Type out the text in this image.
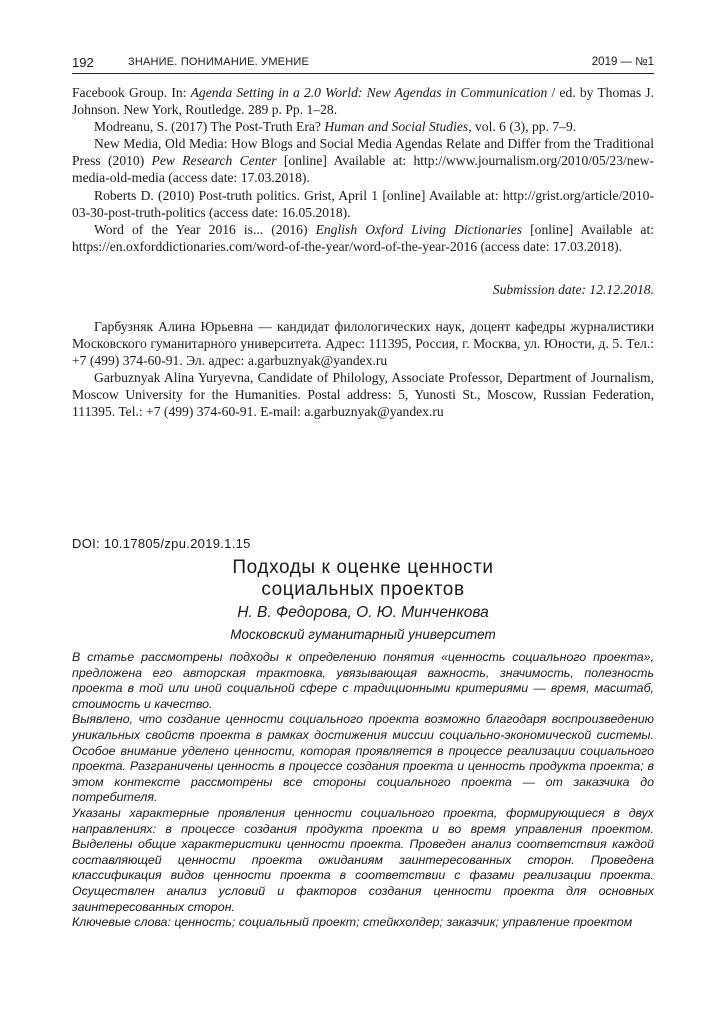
192	ЗНАНИЕ. ПОНИМАНИЕ. УМЕНИЕ	2019 — №1

Facebook Group. In: Agenda Setting in a 2.0 World: New Agendas in Communication / ed. by Thomas J. Johnson. New York, Routledge. 289 p. Pp. 1–28.

Modreanu, S. (2017) The Post-Truth Era? Human and Social Studies, vol. 6 (3), pp. 7–9.

New Media, Old Media: How Blogs and Social Media Agendas Relate and Differ from the Traditional Press (2010) Pew Research Center [online] Available at: http://www.journalism.org/2010/05/23/new-media-old-media (access date: 17.03.2018).

Roberts D. (2010) Post-truth politics. Grist, April 1 [online] Available at: http://grist.org/article/2010-03-30-post-truth-politics (access date: 16.05.2018).

Word of the Year 2016 is... (2016) English Oxford Living Dictionaries [online] Available at: https://en.oxforddictionaries.com/word-of-the-year/word-of-the-year-2016 (access date: 17.03.2018).

Submission date: 12.12.2018.

Гарбузняк Алина Юрьевна — кандидат филологических наук, доцент кафедры журналистики Московского гуманитарного университета. Адрес: 111395, Россия, г. Москва, ул. Юности, д. 5. Тел.: +7 (499) 374-60-91. Эл. адрес: a.garbuznyak@yandex.ru

Garbuznyak Alina Yuryevna, Candidate of Philology, Associate Professor, Department of Journalism, Moscow University for the Humanities. Postal address: 5, Yunosti St., Moscow, Russian Federation, 111395. Tel.: +7 (499) 374-60-91. E-mail: a.garbuznyak@yandex.ru

DOI: 10.17805/zpu.2019.1.15
Подходы к оценке ценности
социальных проектов
Н. В. Федорова, О. Ю. Минченкова
Московский гуманитарный университет

В статье рассмотрены подходы к определению понятия «ценность социального проекта», предложена его авторская трактовка, увязывающая важность, значимость, полезность проекта в той или иной социальной сфере с традиционными критериями — время, масштаб, стоимость и качество.

Выявлено, что создание ценности социального проекта возможно благодаря воспроизведению уникальных свойств проекта в рамках достижения миссии социально-экономической системы. Особое внимание уделено ценности, которая проявляется в процессе реализации социального проекта. Разграничены ценность в процессе создания проекта и ценность продукта проекта; в этом контексте рассмотрены все стороны социального проекта — от заказчика до потребителя.

Указаны характерные проявления ценности социального проекта, формирующиеся в двух направлениях: в процессе создания продукта проекта и во время управления проектом. Выделены общие характеристики ценности проекта. Проведен анализ соответствия каждой составляющей ценности проекта ожиданиям заинтересованных сторон. Проведена классификация видов ценности проекта в соответствии с фазами реализации проекта. Осуществлен анализ условий и факторов создания ценности проекта для основных заинтересованных сторон.

Ключевые слова: ценность; социальный проект; стейкхолдер; заказчик; управление проектом
